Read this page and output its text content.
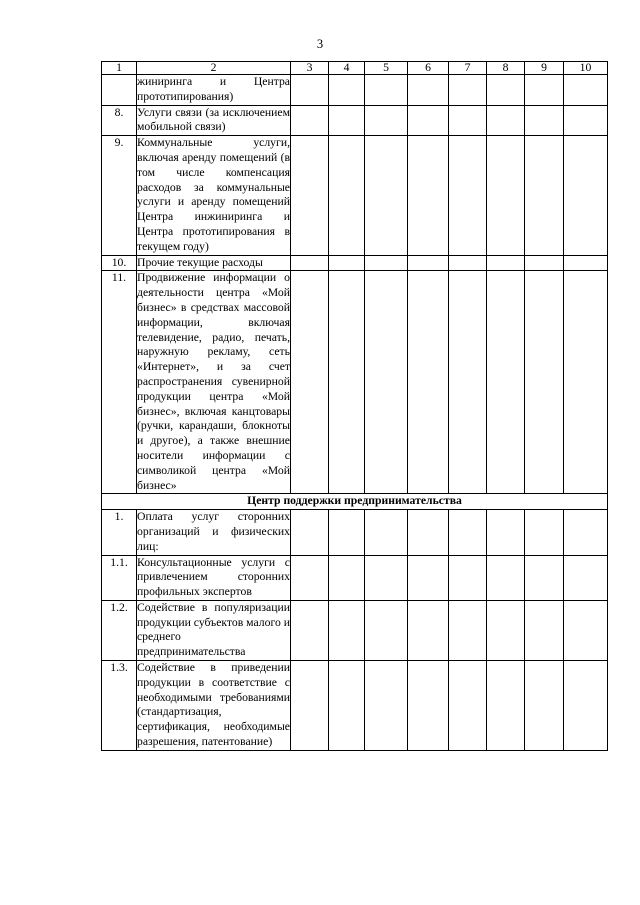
3
1	2	3	4	5	6	7	8	9	10
	жиниринга и Центра прототипирования)								
8.	Услуги связи (за исключением мобильной связи)								
9.	Коммунальные услуги, включая аренду помещений (в том числе компенсация расходов за коммунальные услуги и аренду помещений Центра инжиниринга и Центра прототипирования в текущем году)								
10.	Прочие текущие расходы								
11.	Продвижение информации о деятельности центра «Мой бизнес» в средствах массовой информации, включая телевидение, радио, печать, наружную рекламу, сеть «Интернет», и за счет распространения сувенирной продукции центра «Мой бизнес», включая канцтовары (ручки, карандаши, блокноты и другое), а также внешние носители информации с символикой центра «Мой бизнес»								
Центр поддержки предпринимательства									
1.	Оплата услуг сторонних организаций и физических лиц:								
1.1.	Консультационные услуги с привлечением сторонних профильных экспертов								
1.2.	Содействие в популяризации продукции субъектов малого и среднего предпринимательства								
1.3.	Содействие в приведении продукции в соответствие с необходимыми требованиями (стандартизация, сертификация, необходимые разрешения, патентование)								
